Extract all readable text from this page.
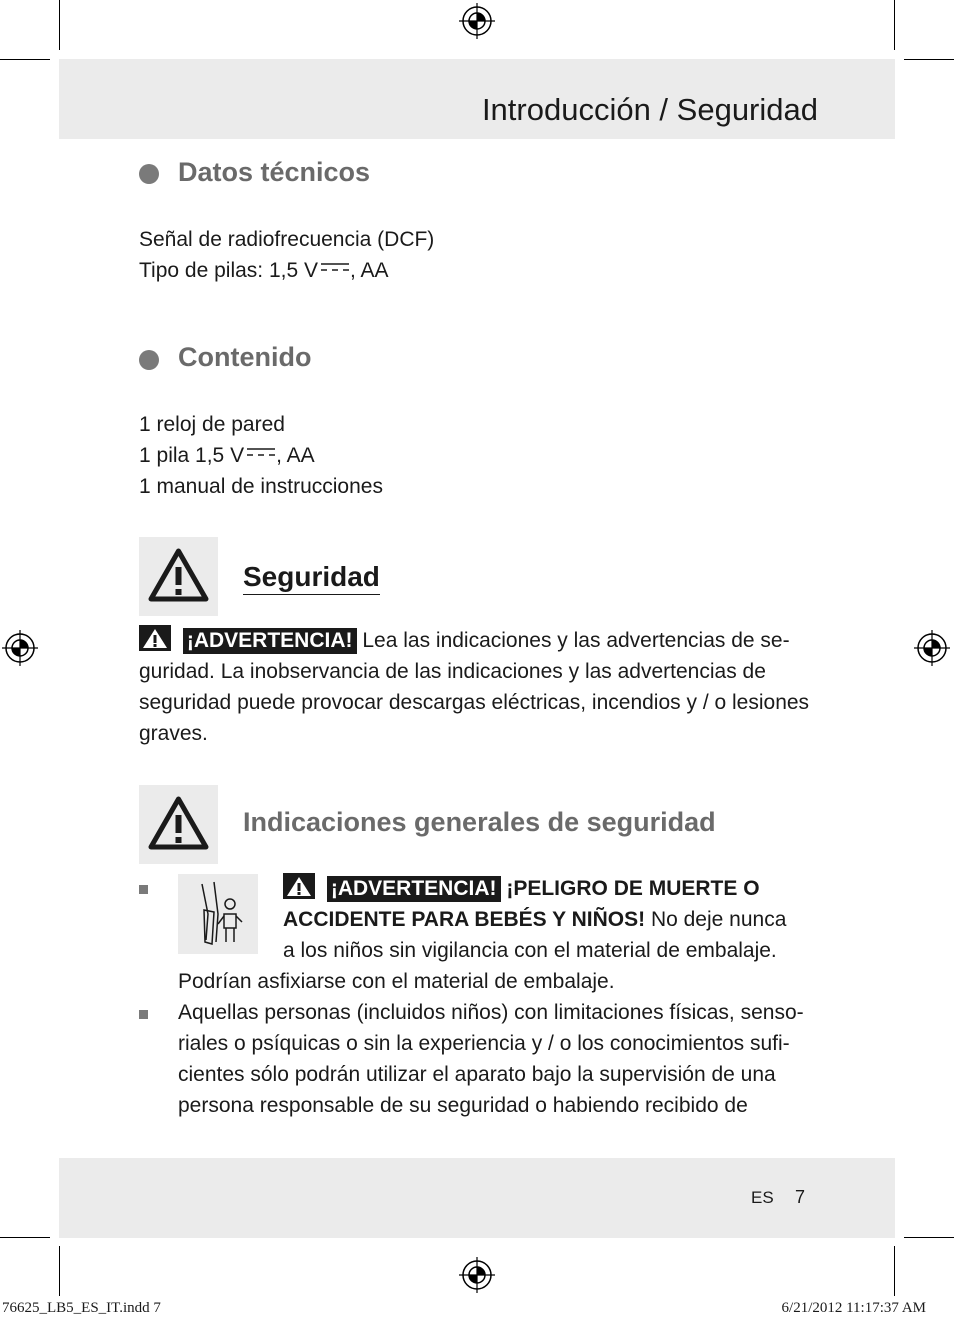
Introducción / Seguridad
Datos técnicos
Señal de radiofrecuencia (DCF)
Tipo de pilas: 1,5 V , AA
Contenido
1 reloj de pared
1 pila 1,5 V , AA
1 manual de instrucciones
Seguridad
¡ADVERTENCIA! Lea las indicaciones y las advertencias de se-
guridad. La inobservancia de las indicaciones y las advertencias de
seguridad puede provocar descargas eléctricas, incendios y / o lesiones
graves.
Indicaciones generales de seguridad
¡ADVERTENCIA! ¡PELIGRO DE MUERTE O
ACCIDENTE PARA BEBÉS Y NIÑOS! No deje nunca
a los niños sin vigilancia con el material de embalaje.
Podrían asfixiarse con el material de embalaje.
Aquellas personas (incluidos niños) con limitaciones físicas, senso-
riales o psíquicas o sin la experiencia y / o los conocimientos sufi-
cientes sólo podrán utilizar el aparato bajo la supervisión de una
persona responsable de su seguridad o habiendo recibido de
ES 7
76625_LB5_ES_IT.indd 7	6/21/2012 11:17:37 AM
